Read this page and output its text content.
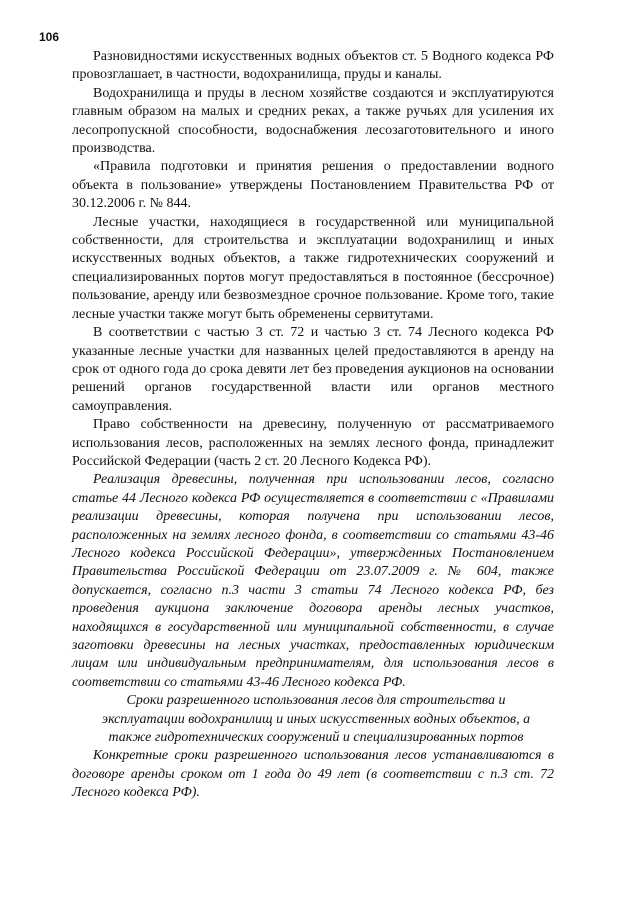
106

Разновидностями искусственных водных объектов ст. 5 Водного кодекса РФ провозглашает, в частности, водохранилища, пруды и каналы.

Водохранилища и пруды в лесном хозяйстве создаются и эксплуатируются главным образом на малых и средних реках, а также ручьях для усиления их лесопропускной способности, водоснабжения лесозаготовительного и иного производства.

«Правила подготовки и принятия решения о предоставлении водного объекта в пользование» утверждены Постановлением Правительства РФ от 30.12.2006 г. № 844.

Лесные участки, находящиеся в государственной или муниципальной собственности, для строительства и эксплуатации водохранилищ и иных искусственных водных объектов, а также гидротехнических сооружений и специализированных портов могут предоставляться в постоянное (бессрочное) пользование, аренду или безвозмездное срочное пользование. Кроме того, такие лесные участки также могут быть обременены сервитутами.

В соответствии с частью 3 ст. 72 и частью 3 ст. 74 Лесного кодекса РФ указанные лесные участки для названных целей предоставляются в аренду на срок от одного года до срока девяти лет без проведения аукционов на основании решений органов государственной власти или органов местного самоуправления.

Право собственности на древесину, полученную от рассматриваемого использования лесов, расположенных на землях лесного фонда, принадлежит Российской Федерации (часть 2 ст. 20 Лесного Кодекса РФ).

Реализация древесины, полученная при использовании лесов, согласно статье 44 Лесного кодекса РФ осуществляется в соответствии с «Правилами реализации древесины, которая получена при использовании лесов, расположенных на землях лесного фонда, в соответствии со статьями 43-46 Лесного кодекса Российской Федерации», утвержденных Постановлением Правительства Российской Федерации от 23.07.2009 г. № 604, также допускается, согласно п.3 части 3 статьи 74 Лесного кодекса РФ, без проведения аукциона заключение договора аренды лесных участков, находящихся в государственной или муниципальной собственности, в случае заготовки древесины на лесных участках, предоставленных юридическим лицам или индивидуальным предпринимателям, для использования лесов в соответствии со статьями 43-46 Лесного кодекса РФ.

Сроки разрешенного использования лесов для строительства и эксплуатации водохранилищ и иных искусственных водных объектов, а также гидротехнических сооружений и специализированных портов

Конкретные сроки разрешенного использования лесов устанавливаются в договоре аренды сроком от 1 года до 49 лет (в соответствии с п.3 ст. 72 Лесного кодекса РФ).
